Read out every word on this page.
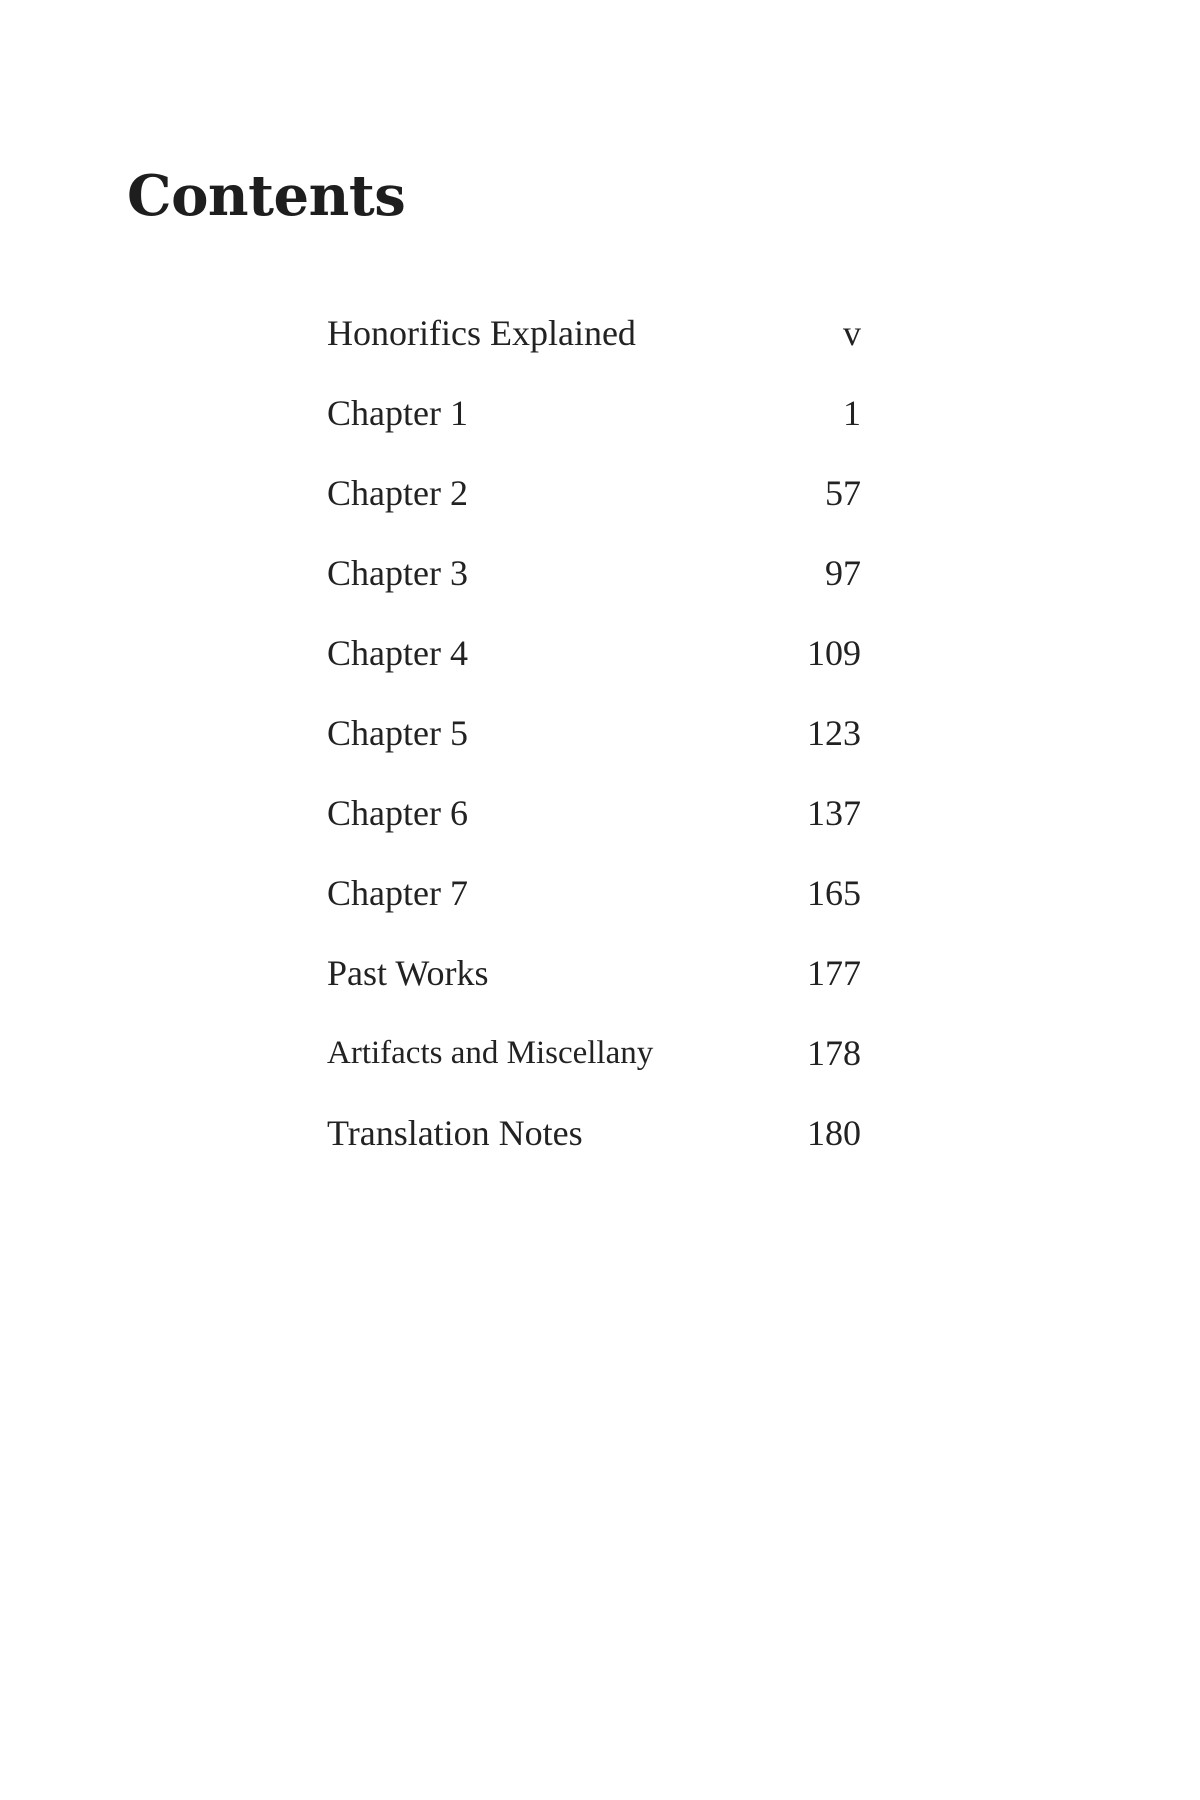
Contents
Honorifics Explained	v
Chapter 1	1
Chapter 2	57
Chapter 3	97
Chapter 4	109
Chapter 5	123
Chapter 6	137
Chapter 7	165
Past Works	177
Artifacts and Miscellany	178
Translation Notes	180
